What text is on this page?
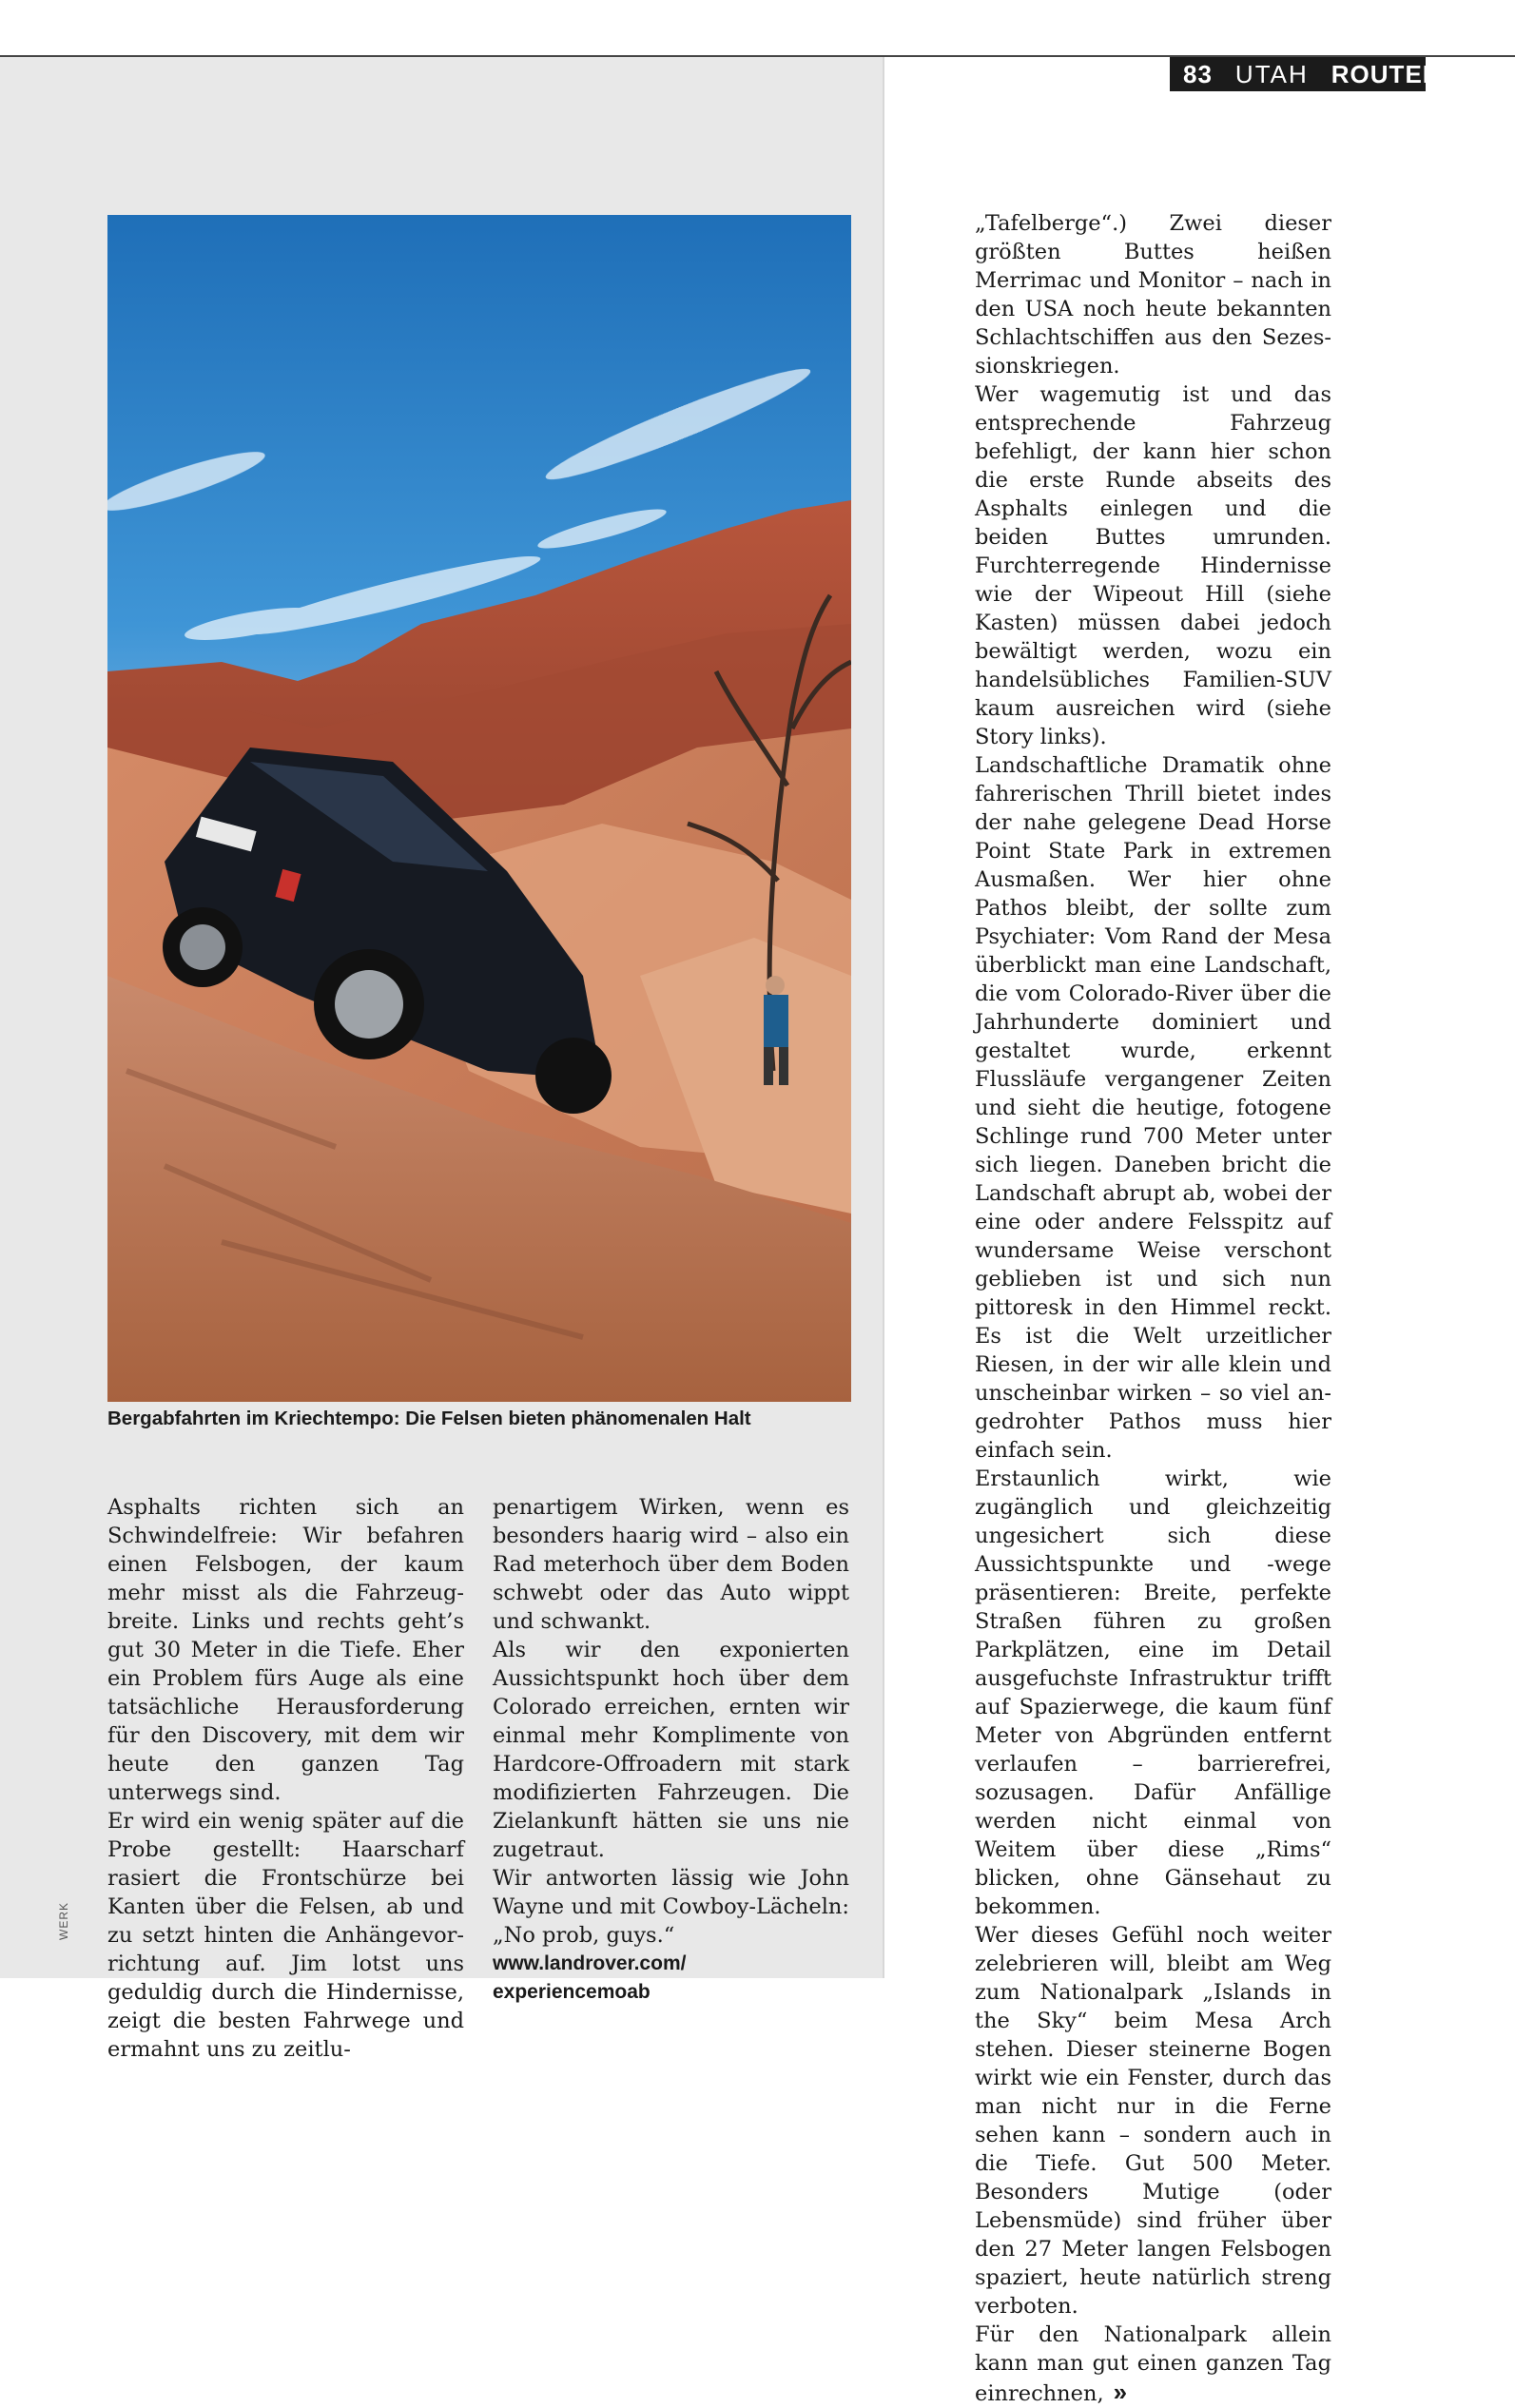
83 UTAH ROUTEN
Bergabfahrten im Kriechtempo: Die Felsen bieten phänomenalen Halt

Asphalts richten sich an Schwindelfreie: Wir befahren einen Felsbogen, der kaum mehr misst als die Fahrzeugbreite. Links und rechts geht’s gut 30 Meter in die Tiefe. Eher ein Problem fürs Auge als eine tatsächliche Herausforderung für den Discovery, mit dem wir heute den ganzen Tag unterwegs sind.

Er wird ein wenig später auf die Probe gestellt: Haarscharf rasiert die Frontschürze bei Kanten über die Felsen, ab und zu setzt hinten die Anhängevorrichtung auf. Jim lotst uns geduldig durch die Hindernisse, zeigt die besten Fahrwege und ermahnt uns zu zeitlu-

penartigem Wirken, wenn es besonders haarig wird – also ein Rad meterhoch über dem Boden schwebt oder das Auto wippt und schwankt.

Als wir den exponierten Aussichtspunkt hoch über dem Colorado erreichen, ernten wir einmal mehr Komplimente von Hardcore-Offroadern mit stark modifizierten Fahrzeugen. Die Zielankunft hätten sie uns nie zugetraut.

Wir antworten lässig wie John Wayne und mit Cowboy-Lächeln: „No prob, guys.“

www.landrover.com/
experiencemoab

„Tafelberge“.) Zwei dieser größten Buttes heißen Merrimac und Monitor – nach in den USA noch heute bekannten Schlachtschiffen aus den Sezessionskriegen.

Wer wagemutig ist und das entsprechende Fahrzeug befehligt, der kann hier schon die erste Runde abseits des Asphalts einlegen und die beiden Buttes umrunden. Furchterregende Hindernisse wie der Wipeout Hill (siehe Kasten) müssen dabei jedoch bewältigt werden, wozu ein handelsübliches Familien-SUV kaum ausreichen wird (siehe Story links).

Landschaftliche Dramatik ohne fahrerischen Thrill bietet indes der nahe gelegene Dead Horse Point State Park in extremen Ausmaßen. Wer hier ohne Pathos bleibt, der sollte zum Psychiater: Vom Rand der Mesa überblickt man eine Landschaft, die vom Colorado-River über die Jahrhunderte dominiert und gestaltet wurde, erkennt Flussläufe vergangener Zeiten und sieht die heutige, fotogene Schlinge rund 700 Meter unter sich liegen. Daneben bricht die Landschaft abrupt ab, wobei der eine oder andere Felsspitz auf wundersame Weise verschont geblieben ist und sich nun pittoresk in den Himmel reckt. Es ist die Welt urzeitlicher Riesen, in der wir alle klein und unscheinbar wirken – so viel angedrohter Pathos muss hier einfach sein.

Erstaunlich wirkt, wie zugänglich und gleichzeitig ungesichert sich diese Aussichtspunkte und -wege präsentieren: Breite, perfekte Straßen führen zu großen Parkplätzen, eine im Detail ausgefuchste Infrastruktur trifft auf Spazierwege, die kaum fünf Meter von Abgründen entfernt verlaufen – barrierefrei, sozusagen. Dafür Anfällige werden nicht einmal von Weitem über diese „Rims“ blicken, ohne Gänsehaut zu bekommen.

Wer dieses Gefühl noch weiter zelebrieren will, bleibt am Weg zum Nationalpark „Islands in the Sky“ beim Mesa Arch stehen. Dieser steinerne Bogen wirkt wie ein Fenster, durch das man nicht nur in die Ferne sehen kann – sondern auch in die Tiefe. Gut 500 Meter. Besonders Mutige (oder Lebensmüde) sind früher über den 27 Meter langen Felsbogen spaziert, heute natürlich streng verboten.

Für den Nationalpark allein kann man gut einen ganzen Tag einrechnen, »

WERK
